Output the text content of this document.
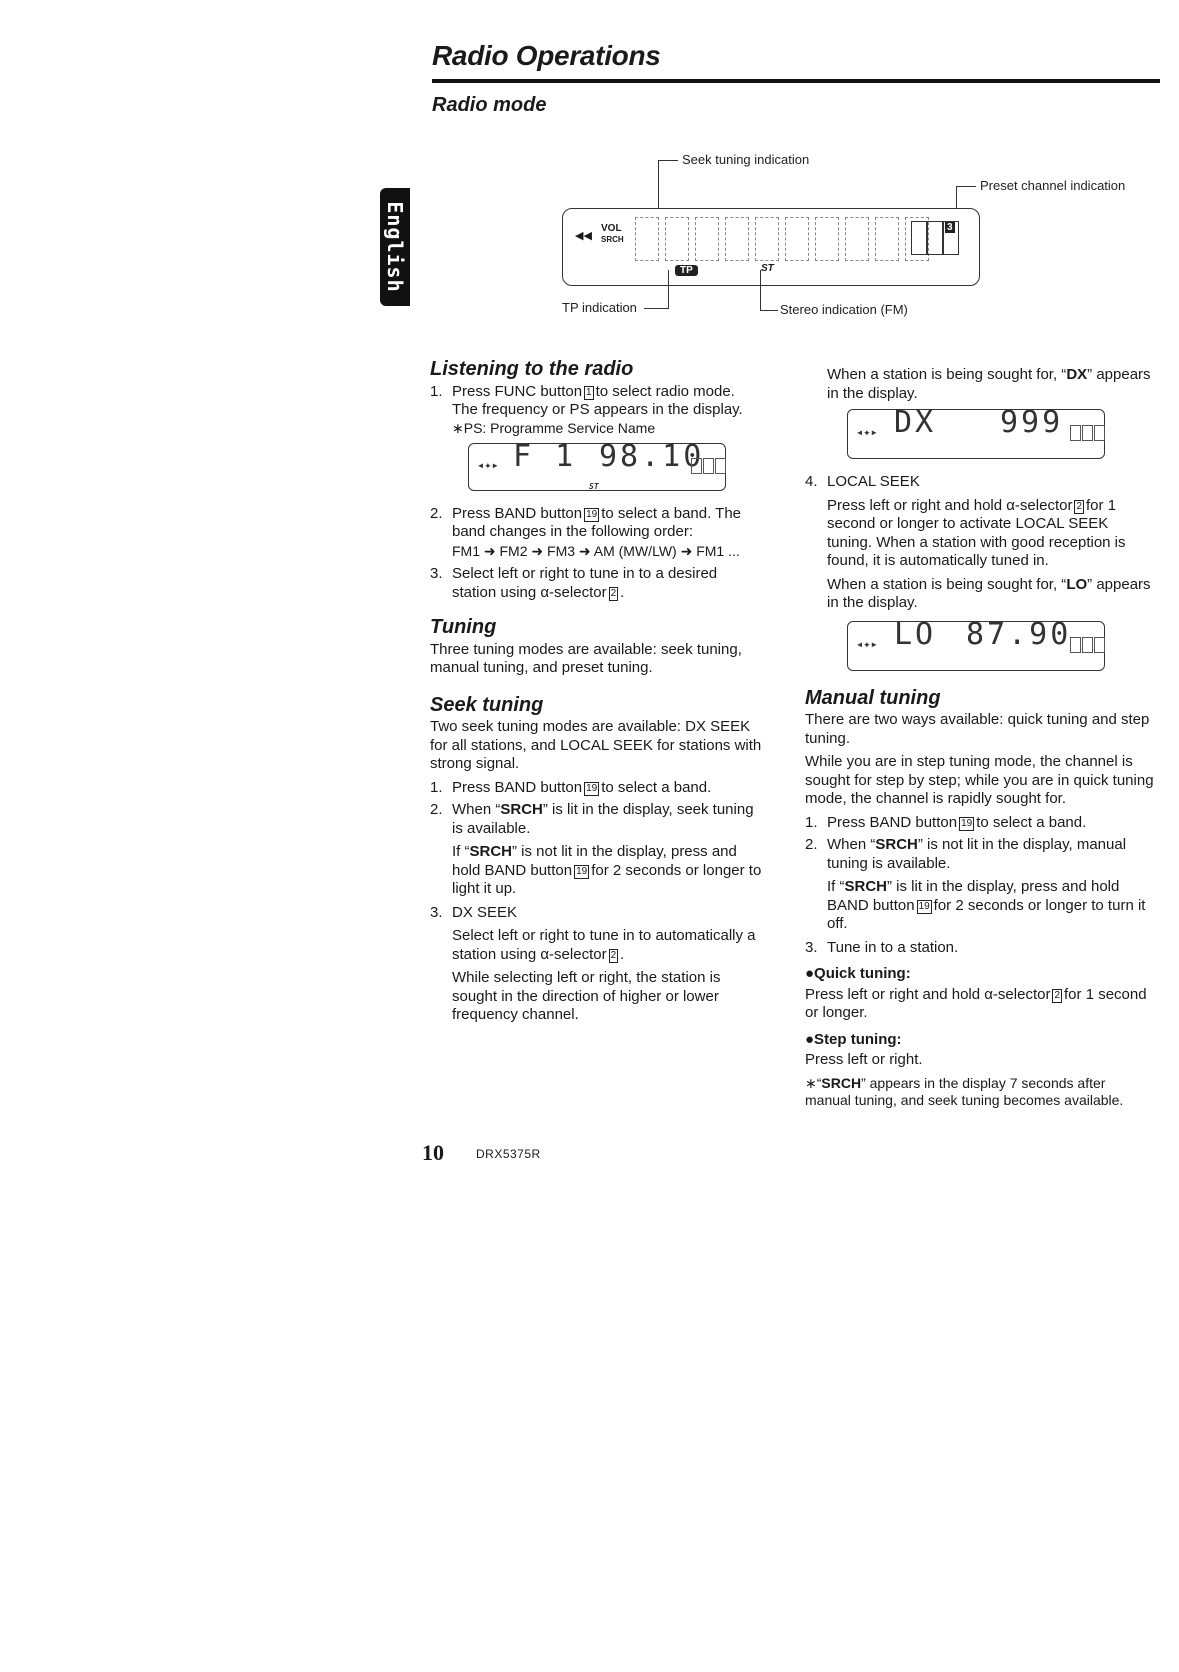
Radio Operations
Radio mode
English
Seek tuning indication
Preset channel indication
◀◀
VOL
SRCH
3
TP	ST
TP indication	Stereo indication (FM)
Listening to the radio
1. Press FUNC button 1 to select radio mode. The frequency or PS appears in the display.

∗PS: Programme Service Name

◂✦▸ F 1 98.10
ST
2. Press BAND button 19 to select a band. The band changes in the following order:

FM1 ➜ FM2 ➜ FM3 ➜ AM (MW/LW) ➜ FM1 ...

3. Select left or right to tune in to a desired station using α-selector 2 .
Tuning

Three tuning modes are available: seek tuning, manual tuning, and preset tuning.

Seek tuning

Two seek tuning modes are available: DX SEEK for all stations, and LOCAL SEEK for stations with strong signal.

1. Press BAND button 19 to select a band.
2. When “SRCH” is lit in the display, seek tuning is available.

If “SRCH” is not lit in the display, press and hold BAND button 19 for 2 seconds or longer to light it up.

3. DX SEEK

Select left or right to tune in to automatically a station using α-selector 2 .

While selecting left or right, the station is sought in the direction of higher or lower frequency channel.

When a station is being sought for, “DX” appears in the display.

◂✦▸ DX 999
4. LOCAL SEEK

Press left or right and hold α-selector 2 for 1 second or longer to activate LOCAL SEEK tuning. When a station with good reception is found, it is automatically tuned in.

When a station is being sought for, “LO” appears in the display.

◂✦▸ LO 87.90
Manual tuning

There are two ways available: quick tuning and step tuning.

While you are in step tuning mode, the channel is sought for step by step; while you are in quick tuning mode, the channel is rapidly sought for.

1. Press BAND button 19 to select a band.
2. When “SRCH” is not lit in the display, manual tuning is available.

If “SRCH” is lit in the display, press and hold BAND button 19 for 2 seconds or longer to turn it off.

3. Tune in to a station.
●Quick tuning:

Press left or right and hold α-selector 2 for 1 second or longer.

●Step tuning:

Press left or right.

∗“SRCH” appears in the display 7 seconds after manual tuning, and seek tuning becomes available.

10	DRX5375R
